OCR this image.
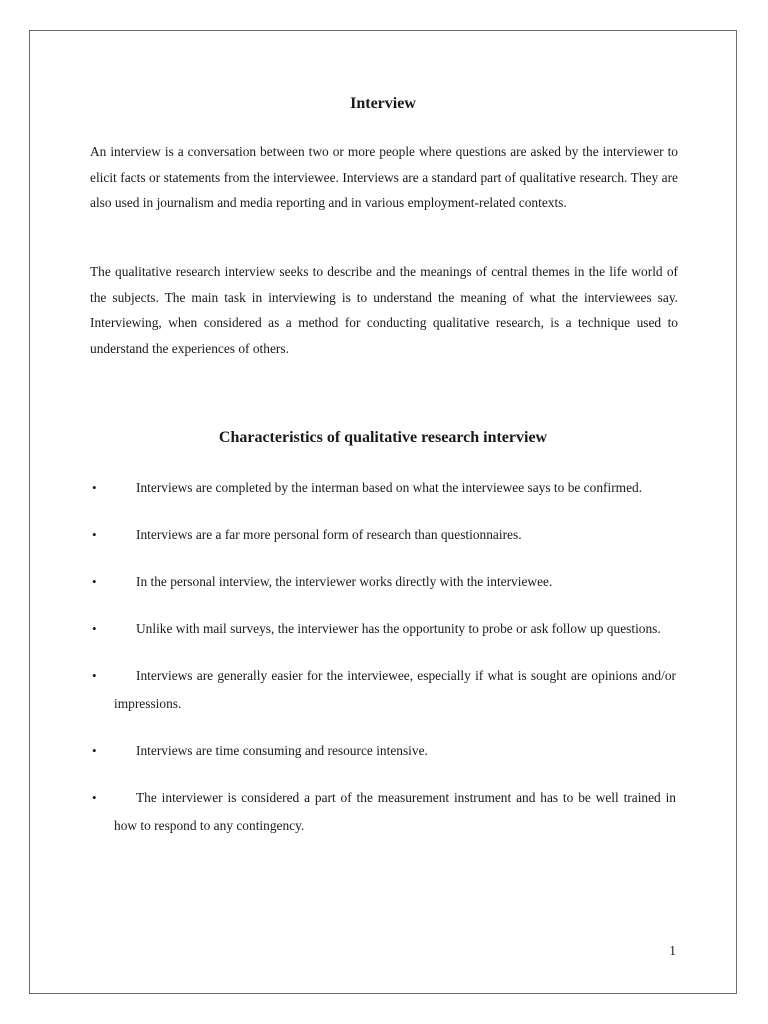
Interview

An interview is a conversation between two or more people where questions are asked by the interviewer to elicit facts or statements from the interviewee. Interviews are a standard part of qualitative research. They are also used in journalism and media reporting and in various employment-related contexts.

The qualitative research interview seeks to describe and the meanings of central themes in the life world of the subjects. The main task in interviewing is to understand the meaning of what the interviewees say. Interviewing, when considered as a method for conducting qualitative research, is a technique used to understand the experiences of others.

Characteristics of qualitative research interview
•	Interviews are completed by the interman based on what the interviewee says to be confirmed.
•	Interviews are a far more personal form of research than questionnaires.
•	In the personal interview, the interviewer works directly with the interviewee.
•	Unlike with mail surveys, the interviewer has the opportunity to probe or ask follow up questions.
•	Interviews are generally easier for the interviewee, especially if what is sought are opinions and/or impressions.
•	Interviews are time consuming and resource intensive.
•	The interviewer is considered a part of the measurement instrument and has to be well trained in how to respond to any contingency.

1
